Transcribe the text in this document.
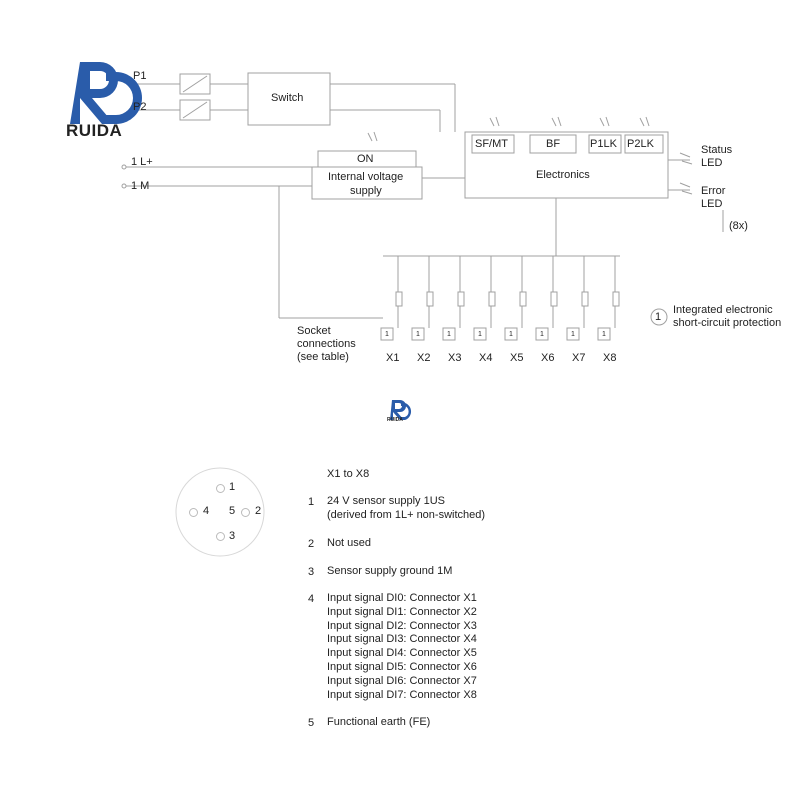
RUIDA
RUIDA
P1
P2
Switch
1 L+
1 M
ON
Internal voltage
supply
Electronics
SF/MT	BF	P1LK P2LK	Status
LED
Error
LED
(8x)
1
Integrated electronic
short-circuit protection
Socket
connections
(see table)
1	1	1	1	1	1	1	1
X1 X2 X3 X4 X5 X6 X7 X8
1
2
3
4 5
X1 to X8
1 24 V sensor supply 1US
(derived from 1L+ non-switched)
2 Not used
3 Sensor supply ground 1M
4 Input signal DI0: Connector X1
Input signal DI1: Connector X2
Input signal DI2: Connector X3
Input signal DI3: Connector X4
Input signal DI4: Connector X5
Input signal DI5: Connector X6
Input signal DI6: Connector X7
Input signal DI7: Connector X8
5 Functional earth (FE)
